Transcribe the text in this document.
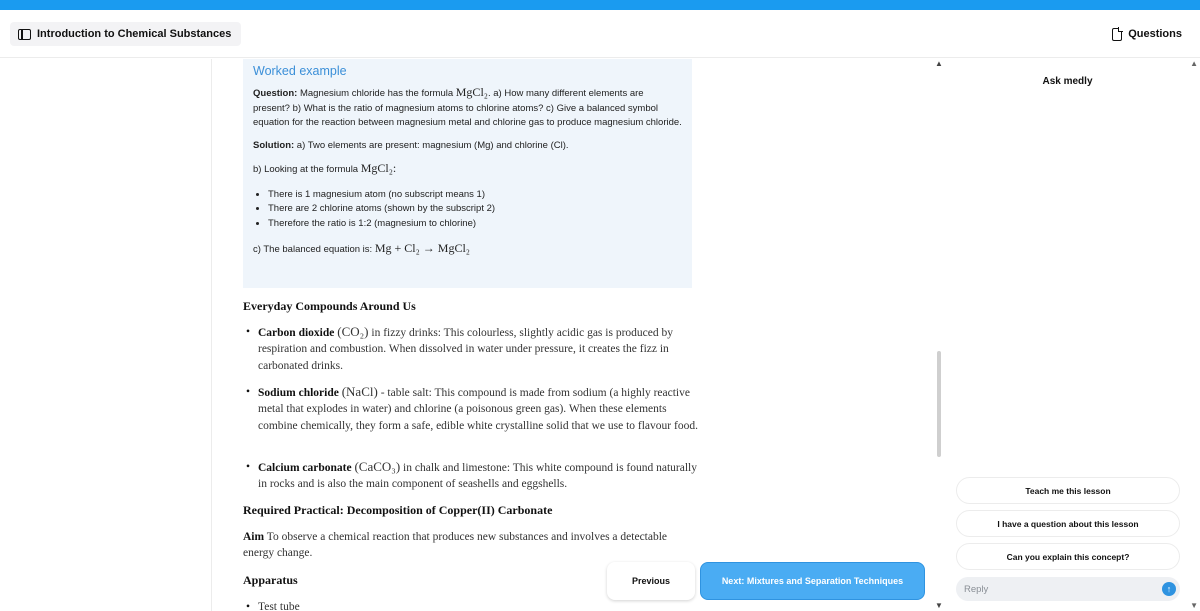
Introduction to Chemical Substances	Questions
Worked example

Question: Magnesium chloride has the formula MgCl₂. a) How many different elements are present? b) What is the ratio of magnesium atoms to chlorine atoms? c) Give a balanced symbol equation for the reaction between magnesium metal and chlorine gas to produce magnesium chloride.

Solution: a) Two elements are present: magnesium (Mg) and chlorine (Cl).

b) Looking at the formula MgCl₂:

• There is 1 magnesium atom (no subscript means 1)
• There are 2 chlorine atoms (shown by the subscript 2)
• Therefore the ratio is 1:2 (magnesium to chlorine)

c) The balanced equation is: Mg + Cl₂ → MgCl₂

Everyday Compounds Around Us
• Carbon dioxide (CO₂) in fizzy drinks: This colourless, slightly acidic gas is produced by respiration and combustion. When dissolved in water under pressure, it creates the fizz in carbonated drinks.
• Sodium chloride (NaCl) - table salt: This compound is made from sodium (a highly reactive metal that explodes in water) and chlorine (a poisonous green gas). When these elements combine chemically, they form a safe, edible white crystalline solid that we use to flavour food.
• Calcium carbonate (CaCO₃) in chalk and limestone: This white compound is found naturally in rocks and is also the main component of seashells and eggshells.
Required Practical: Decomposition of Copper(II) Carbonate
Aim To observe a chemical reaction that produces new substances and involves a detectable energy change.
Apparatus
• Test tube
▲
▼
Previous	Next: Mixtures and Separation Techniques
▲
Ask medly
Teach me this lesson
I have a question about this lesson
Can you explain this concept?
Reply	↑
▼
